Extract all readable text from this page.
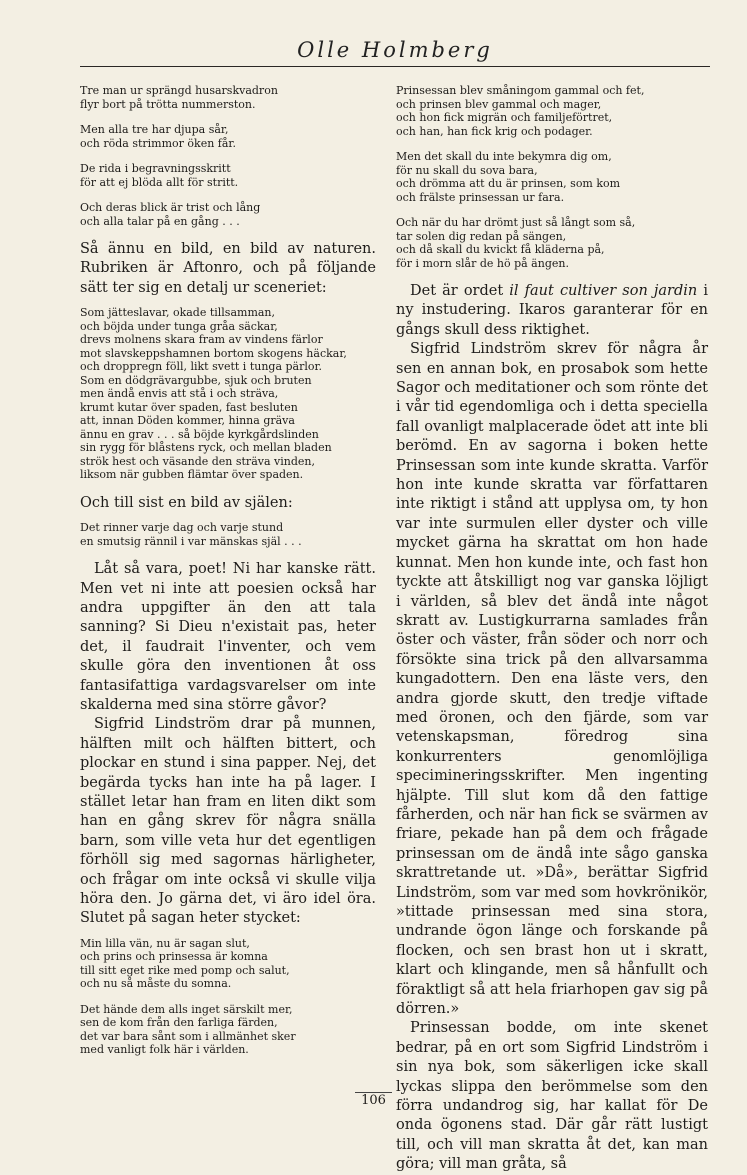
Olle Holmberg
Tre man ur sprängd husarskvadron
flyr bort på trötta nummerston.
Men alla tre har djupa sår,
och röda strimmor öken får.
De rida i begravningsskritt
för att ej blöda allt för stritt.
Och deras blick är trist och lång
och alla talar på en gång . . .

Så ännu en bild, en bild av naturen. Rubriken är Aftonro, och på följande sätt ter sig en detalj ur sceneriet:

Som jätteslavar, okade tillsamman,
och böjda under tunga gråa säckar,
drevs molnens skara fram av vindens färlor
mot slavskeppshamnen bortom skogens häckar,
och droppregn föll, likt svett i tunga pärlor.
Som en dödgrävargubbe, sjuk och bruten
men ändå envis att stå i och sträva,
krumt kutar över spaden, fast besluten
att, innan Döden kommer, hinna gräva
ännu en grav . . . så böjde kyrkgårdslinden
sin rygg för blåstens ryck, och mellan bladen
strök hest och väsande den sträva vinden,
liksom när gubben flämtar över spaden.

Och till sist en bild av själen:

Det rinner varje dag och varje stund
en smutsig rännil i var mänskas själ . . .

Låt så vara, poet! Ni har kanske rätt. Men vet ni inte att poesien också har andra uppgifter än den att tala sanning? Si Dieu n'existait pas, heter det, il faudrait l'inventer, och vem skulle göra den inventionen åt oss fantasifattiga vardagsvarelser om inte skalderna med sina större gåvor?

Sigfrid Lindström drar på munnen, hälften milt och hälften bittert, och plockar en stund i sina papper. Nej, det begärda tycks han inte ha på lager. I stället letar han fram en liten dikt som han en gång skrev för några snälla barn, som ville veta hur det egentligen förhöll sig med sagornas härligheter, och frågar om inte också vi skulle vilja höra den. Jo gärna det, vi äro idel öra. Slutet på sagan heter stycket:

Min lilla vän, nu är sagan slut,
och prins och prinsessa är komna
till sitt eget rike med pomp och salut,
och nu så måste du somna.
Det hände dem alls inget särskilt mer,
sen de kom från den farliga färden,
det var bara sånt som i allmänhet sker
med vanligt folk här i världen.
Prinsessan blev småningom gammal och fet,
och prinsen blev gammal och mager,
och hon fick migrän och familjeförtret,
och han, han fick krig och podager.
Men det skall du inte bekymra dig om,
för nu skall du sova bara,
och drömma att du är prinsen, som kom
och frälste prinsessan ur fara.
Och när du har drömt just så långt som så,
tar solen dig redan på sängen,
och då skall du kvickt få kläderna på,
för i morn slår de hö på ängen.

Det är ordet il faut cultiver son jardin i ny instudering. Ikaros garanterar för en gångs skull dess riktighet.

Sigfrid Lindström skrev för några år sen en annan bok, en prosabok som hette Sagor och meditationer och som rönte det i vår tid egendomliga och i detta speciella fall ovanligt malplacerade ödet att inte bli berömd. En av sagorna i boken hette Prinsessan som inte kunde skratta. Varför hon inte kunde skratta var författaren inte riktigt i stånd att upplysa om, ty hon var inte surmulen eller dyster och ville mycket gärna ha skrattat om hon hade kunnat. Men hon kunde inte, och fast hon tyckte att åtskilligt nog var ganska löjligt i världen, så blev det ändå inte något skratt av. Lustigkurrarna samlades från öster och väster, från söder och norr och försökte sina trick på den allvarsamma kungadottern. Den ena läste vers, den andra gjorde skutt, den tredje viftade med öronen, och den fjärde, som var vetenskapsman, föredrog sina konkurrenters genomlöjliga specimineringsskrifter. Men ingenting hjälpte. Till slut kom då den fattige fårherden, och när han fick se svärmen av friare, pekade han på dem och frågade prinsessan om de ändå inte sågo ganska skrattretande ut. »Då», berättar Sigfrid Lindström, som var med som hovkrönikör, »tittade prinsessan med sina stora, undrande ögon länge och forskande på flocken, och sen brast hon ut i skratt, klart och klingande, men så hånfullt och föraktligt så att hela friarhopen gav sig på dörren.»

Prinsessan bodde, om inte skenet bedrar, på en ort som Sigfrid Lindström i sin nya bok, som säkerligen icke skall lyckas slippa den berömmelse som den förra undandrog sig, har kallat för De onda ögonens stad. Där går rätt lustigt till, och vill man skratta åt det, kan man göra; vill man gråta, så

106
